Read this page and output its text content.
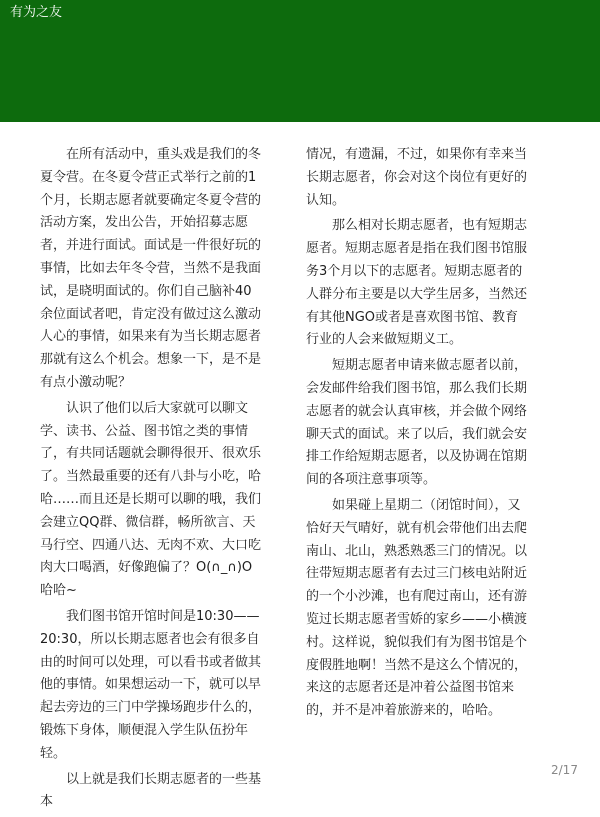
有为之友

在所有活动中，重头戏是我们的冬夏令营。在冬夏令营正式举行之前的1个月，长期志愿者就要确定冬夏令营的活动方案，发出公告，开始招募志愿者，并进行面试。面试是一件很好玩的事情，比如去年冬令营，当然不是我面试，是晓明面试的。你们自己脑补40余位面试者吧，肯定没有做过这么激动人心的事情，如果来有为当长期志愿者那就有这么个机会。想象一下，是不是有点小激动呢？

认识了他们以后大家就可以聊文学、读书、公益、图书馆之类的事情了，有共同话题就会聊得很开、很欢乐了。当然最重要的还有八卦与小吃，哈哈……而且还是长期可以聊的哦，我们会建立QQ群、微信群，畅所欲言、天马行空、四通八达、无肉不欢、大口吃肉大口喝酒，好像跑偏了？O(∩_∩)O哈哈~

我们图书馆开馆时间是10:30——20:30，所以长期志愿者也会有很多自由的时间可以处理，可以看书或者做其他的事情。如果想运动一下，就可以早起去旁边的三门中学操场跑步什么的，锻炼下身体，顺便混入学生队伍扮年轻。

以上就是我们长期志愿者的一些基本

情况，有遗漏，不过，如果你有幸来当长期志愿者，你会对这个岗位有更好的认知。

那么相对长期志愿者，也有短期志愿者。短期志愿者是指在我们图书馆服务3个月以下的志愿者。短期志愿者的人群分布主要是以大学生居多，当然还有其他NGO或者是喜欢图书馆、教育行业的人会来做短期义工。

短期志愿者申请来做志愿者以前，会发邮件给我们图书馆，那么我们长期志愿者的就会认真审核，并会做个网络聊天式的面试。来了以后，我们就会安排工作给短期志愿者，以及协调在馆期间的各项注意事项等。

如果碰上星期二（闭馆时间），又恰好天气晴好，就有机会带他们出去爬南山、北山，熟悉熟悉三门的情况。以往带短期志愿者有去过三门核电站附近的一个小沙滩，也有爬过南山，还有游览过长期志愿者雪娇的家乡——小横渡村。这样说，貌似我们有为图书馆是个度假胜地啊！当然不是这么个情况的，来这的志愿者还是冲着公益图书馆来的，并不是冲着旅游来的，哈哈。

2/17
